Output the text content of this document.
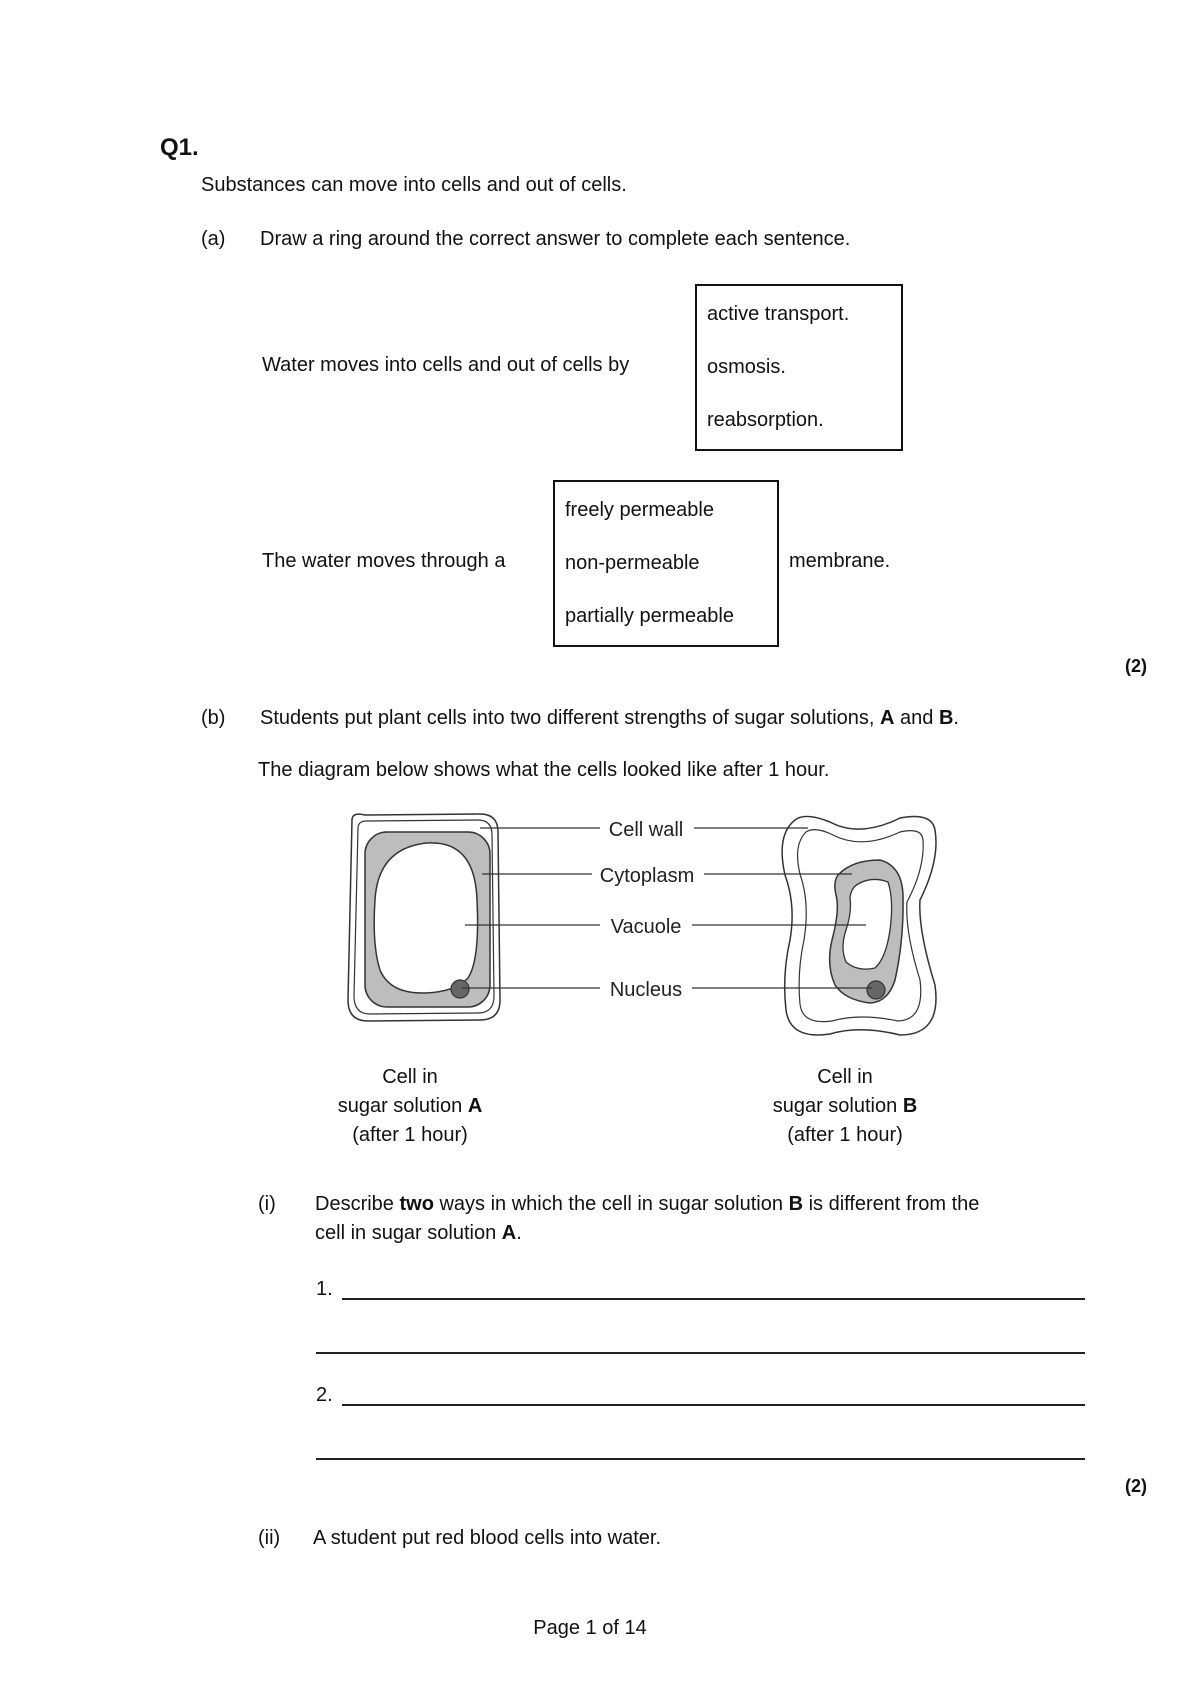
Q1.
Substances can move into cells and out of cells.
(a) Draw a ring around the correct answer to complete each sentence.
Water moves into cells and out of cells by
active transport.
osmosis.
reabsorption.
The water moves through a
freely permeable
non-permeable
partially permeable
membrane.
(2)
(b) Students put plant cells into two different strengths of sugar solutions, A and B.
The diagram below shows what the cells looked like after 1 hour.
Cell wall
Cytoplasm
Vacuole
Nucleus
Cell in
sugar solution A
(after 1 hour)
Cell in
sugar solution B
(after 1 hour)
(i) Describe two ways in which the cell in sugar solution B is different from the
cell in sugar solution A.
1.
2.
(2)
(ii) A student put red blood cells into water.
Page 1 of 14
